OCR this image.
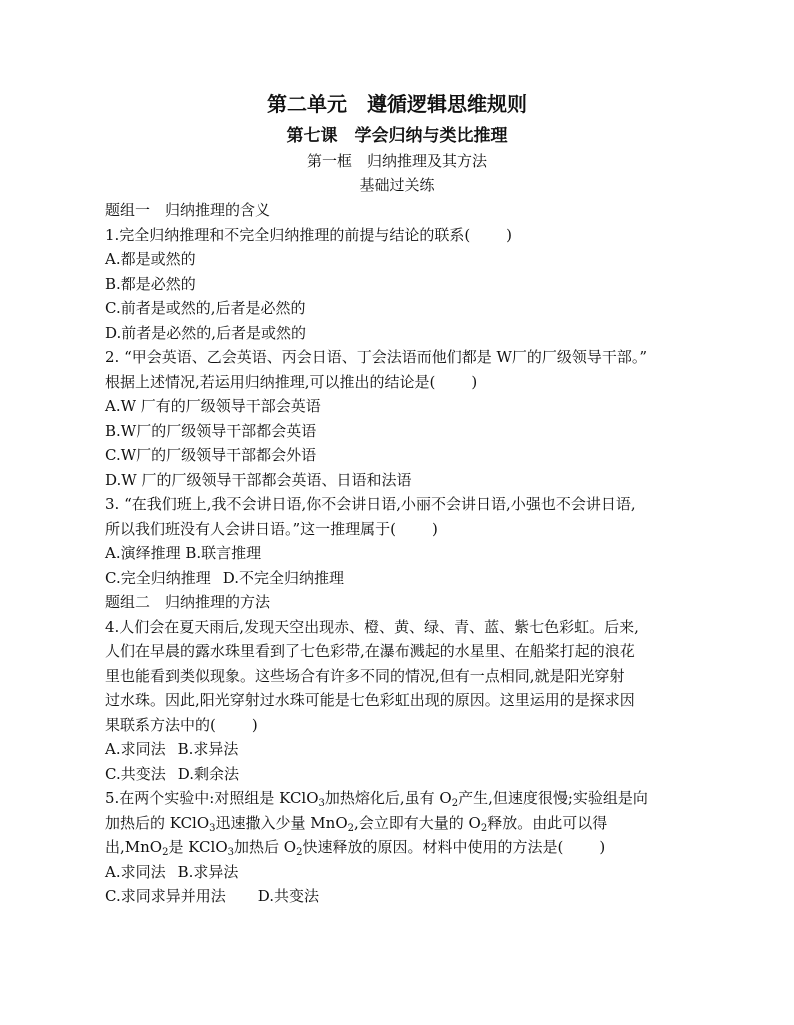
第二单元　遵循逻辑思维规则
第七课　学会归纳与类比推理
第一框　归纳推理及其方法
基础过关练
题组一　归纳推理的含义
1.完全归纳推理和不完全归纳推理的前提与结论的联系( )
A.都是或然的
B.都是必然的
C.前者是或然的,后者是必然的
D.前者是必然的,后者是或然的
2. “甲会英语、乙会英语、丙会日语、丁会法语而他们都是 W厂的厂级领导干部。”
根据上述情况,若运用归纳推理,可以推出的结论是( )
A.W 厂有的厂级领导干部会英语
B.W厂的厂级领导干部都会英语
C.W厂的厂级领导干部都会外语
D.W 厂的厂级领导干部都会英语、日语和法语
3. “在我们班上,我不会讲日语,你不会讲日语,小丽不会讲日语,小强也不会讲日语,
所以我们班没有人会讲日语。”这一推理属于( )
A.演绎推理 B.联言推理
C.完全归纳推理 D.不完全归纳推理
题组二　归纳推理的方法
4.人们会在夏天雨后,发现天空出现赤、橙、黄、绿、青、蓝、紫七色彩虹。后来,
人们在早晨的露水珠里看到了七色彩带,在瀑布溅起的水星里、在船桨打起的浪花
里也能看到类似现象。这些场合有许多不同的情况,但有一点相同,就是阳光穿射
过水珠。因此,阳光穿射过水珠可能是七色彩虹出现的原因。这里运用的是探求因
果联系方法中的( )
A.求同法 B.求异法
C.共变法 D.剩余法
5.在两个实验中:对照组是 KClO$_3$加热熔化后,虽有 $O_2$产生,但速度很慢;实验组是向
加热后的 KClO$_3$迅速撒入少量 MnO$_2$,会立即有大量的 $O_2$释放。由此可以得
出,MnO$_2$是 KClO$_3$加热后 $O_2$快速释放的原因。材料中使用的方法是( )
A.求同法 B.求异法
C.求同求异并用法 D.共变法
